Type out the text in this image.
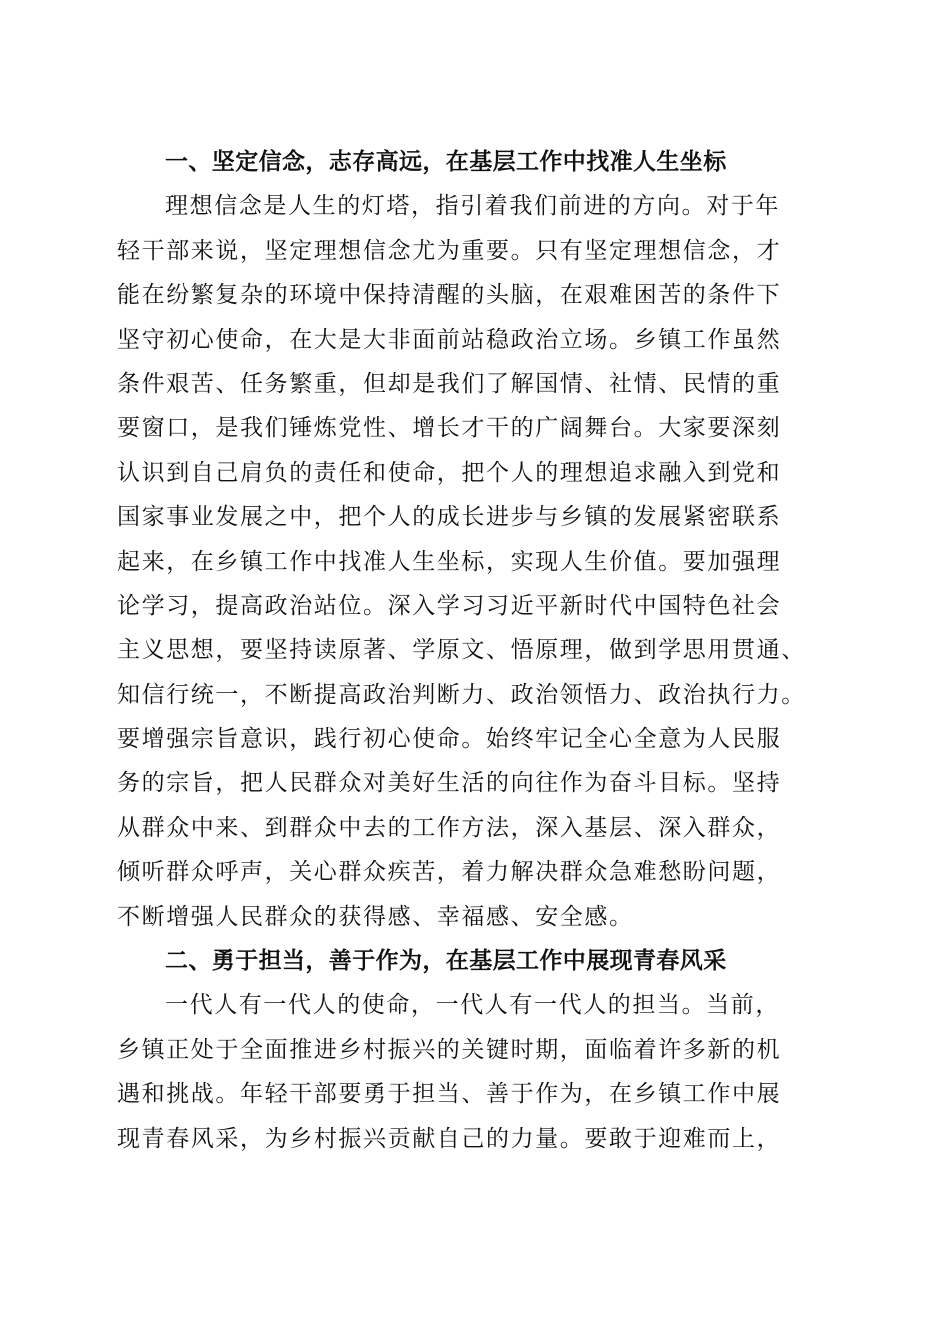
一、坚定信念，志存高远，在基层工作中找准人生坐标
理想信念是人生的灯塔，指引着我们前进的方向。对于年
轻干部来说，坚定理想信念尤为重要。只有坚定理想信念，才
能在纷繁复杂的环境中保持清醒的头脑，在艰难困苦的条件下
坚守初心使命，在大是大非面前站稳政治立场。乡镇工作虽然
条件艰苦、任务繁重，但却是我们了解国情、社情、民情的重
要窗口，是我们锤炼党性、增长才干的广阔舞台。大家要深刻
认识到自己肩负的责任和使命，把个人的理想追求融入到党和
国家事业发展之中，把个人的成长进步与乡镇的发展紧密联系
起来，在乡镇工作中找准人生坐标，实现人生价值。要加强理
论学习，提高政治站位。深入学习习近平新时代中国特色社会
主义思想，要坚持读原著、学原文、悟原理，做到学思用贯通、
知信行统一，不断提高政治判断力、政治领悟力、政治执行力。
要增强宗旨意识，践行初心使命。始终牢记全心全意为人民服
务的宗旨，把人民群众对美好生活的向往作为奋斗目标。坚持
从群众中来、到群众中去的工作方法，深入基层、深入群众，
倾听群众呼声，关心群众疾苦，着力解决群众急难愁盼问题，
不断增强人民群众的获得感、幸福感、安全感。
二、勇于担当，善于作为，在基层工作中展现青春风采
一代人有一代人的使命，一代人有一代人的担当。当前，
乡镇正处于全面推进乡村振兴的关键时期，面临着许多新的机
遇和挑战。年轻干部要勇于担当、善于作为，在乡镇工作中展
现青春风采，为乡村振兴贡献自己的力量。要敢于迎难而上，
